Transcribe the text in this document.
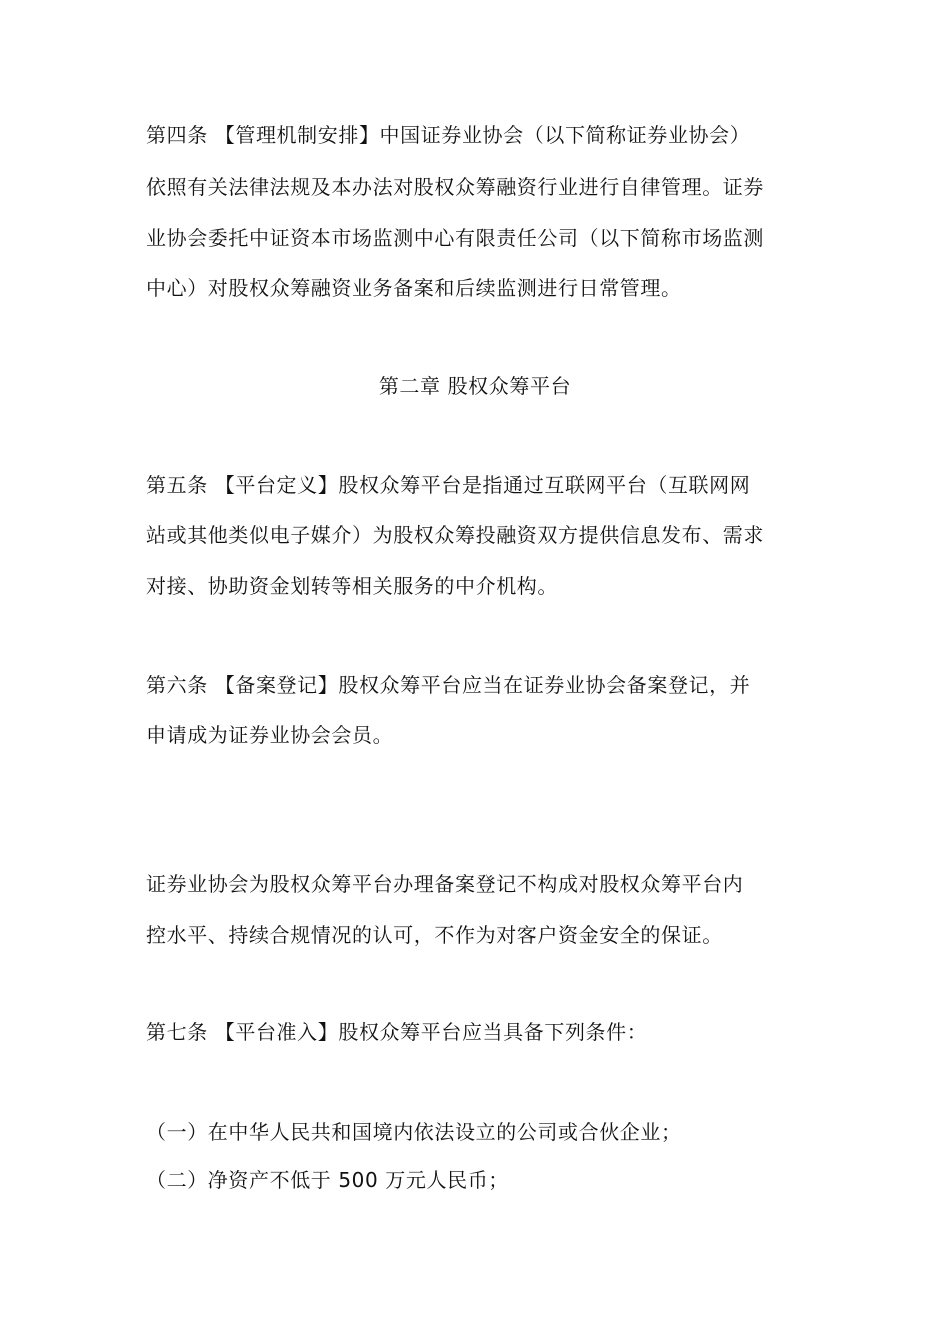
第四条 【管理机制安排】中国证券业协会（以下简称证券业协会）
依照有关法律法规及本办法对股权众筹融资行业进行自律管理。证券
业协会委托中证资本市场监测中心有限责任公司（以下简称市场监测
中心）对股权众筹融资业务备案和后续监测进行日常管理。
第二章 股权众筹平台
第五条 【平台定义】股权众筹平台是指通过互联网平台（互联网网
站或其他类似电子媒介）为股权众筹投融资双方提供信息发布、需求
对接、协助资金划转等相关服务的中介机构。
第六条 【备案登记】股权众筹平台应当在证券业协会备案登记，并
申请成为证券业协会会员。
证券业协会为股权众筹平台办理备案登记不构成对股权众筹平台内
控水平、持续合规情况的认可，不作为对客户资金安全的保证。
第七条 【平台准入】股权众筹平台应当具备下列条件：
（一）在中华人民共和国境内依法设立的公司或合伙企业；
（二）净资产不低于 500 万元人民币；
